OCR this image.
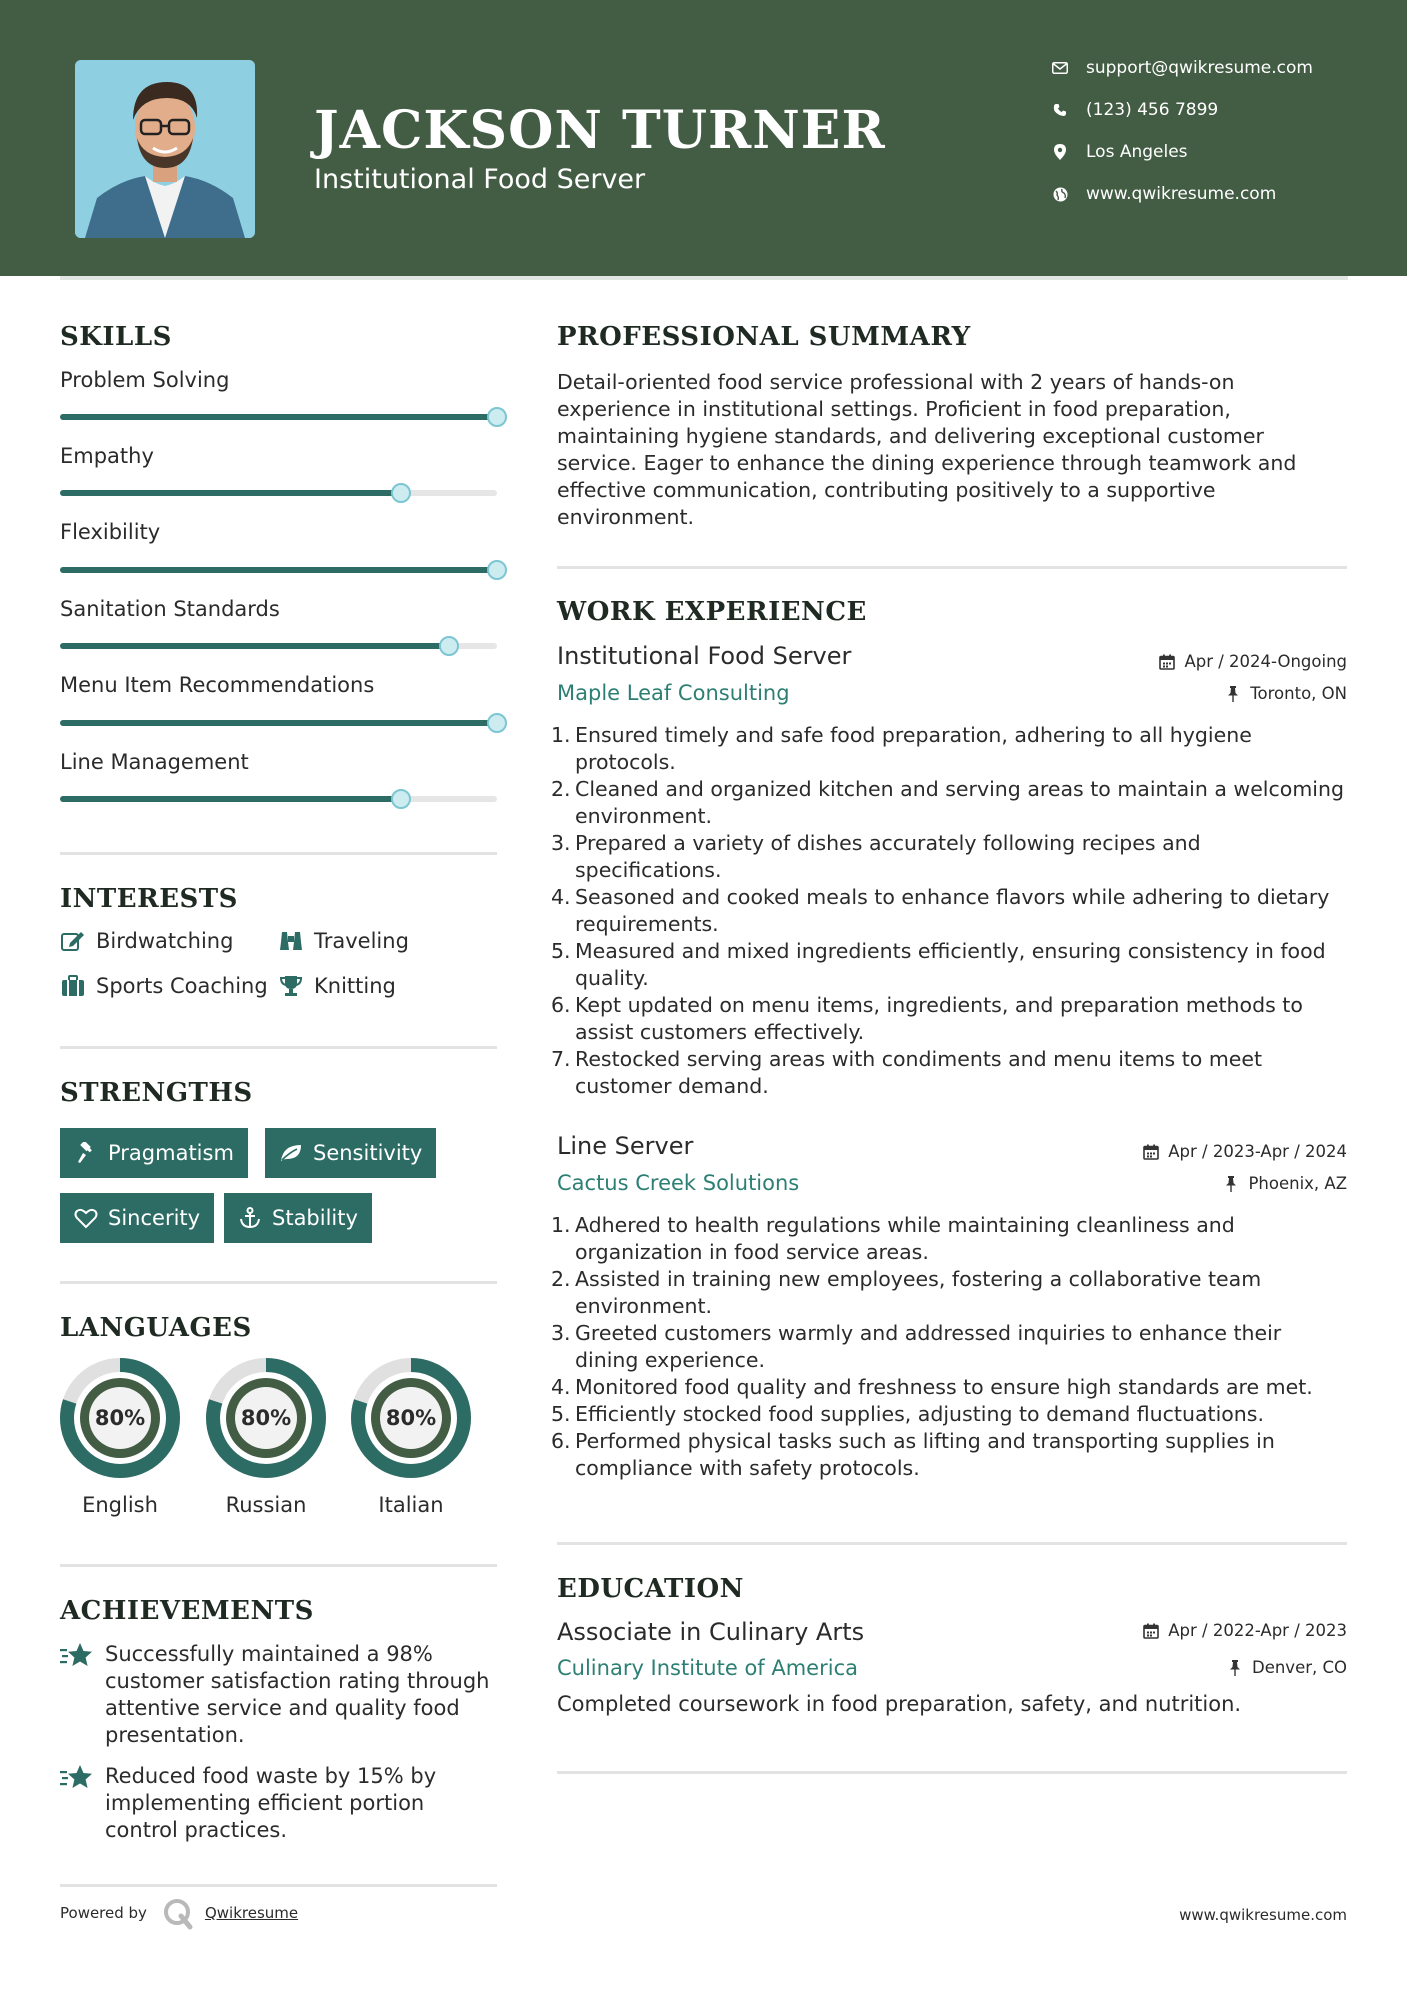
JACKSON TURNER
Institutional Food Server
support@qwikresume.com
(123) 456 7899
Los Angeles
www.qwikresume.com
SKILLS
Problem Solving
Empathy
Flexibility
Sanitation Standards
Menu Item Recommendations
Line Management
INTERESTS
Birdwatching	Traveling
Sports Coaching Knitting
STRENGTHS
Pragmatism	Sensitivity
Sincerity	Stability
LANGUAGES
80%
English
80%
Russian
80%
Italian
ACHIEVEMENTS
Successfully maintained a 98% customer satisfaction rating through attentive service and quality food presentation.
Reduced food waste by 15% by implementing efficient portion control practices.
PROFESSIONAL SUMMARY
Detail-oriented food service professional with 2 years of hands-on experience in institutional settings. Proficient in food preparation, maintaining hygiene standards, and delivering exceptional customer service. Eager to enhance the dining experience through teamwork and effective communication, contributing positively to a supportive environment.
WORK EXPERIENCE
Institutional Food Server	Apr / 2024-Ongoing
Maple Leaf Consulting	Toronto, ON
1. Ensured timely and safe food preparation, adhering to all hygiene protocols.
2. Cleaned and organized kitchen and serving areas to maintain a welcoming environment.
3. Prepared a variety of dishes accurately following recipes and specifications.
4. Seasoned and cooked meals to enhance flavors while adhering to dietary requirements.
5. Measured and mixed ingredients efficiently, ensuring consistency in food quality.
6. Kept updated on menu items, ingredients, and preparation methods to assist customers effectively.
7. Restocked serving areas with condiments and menu items to meet customer demand.
Line Server	Apr / 2023-Apr / 2024
Cactus Creek Solutions	Phoenix, AZ
1. Adhered to health regulations while maintaining cleanliness and organization in food service areas.
2. Assisted in training new employees, fostering a collaborative team environment.
3. Greeted customers warmly and addressed inquiries to enhance their dining experience.
4. Monitored food quality and freshness to ensure high standards are met.
5. Efficiently stocked food supplies, adjusting to demand fluctuations.
6. Performed physical tasks such as lifting and transporting supplies in compliance with safety protocols.
EDUCATION
Associate in Culinary Arts	Apr / 2022-Apr / 2023
Culinary Institute of America	Denver, CO
Completed coursework in food preparation, safety, and nutrition.
Powered by	Qwikresume	www.qwikresume.com
